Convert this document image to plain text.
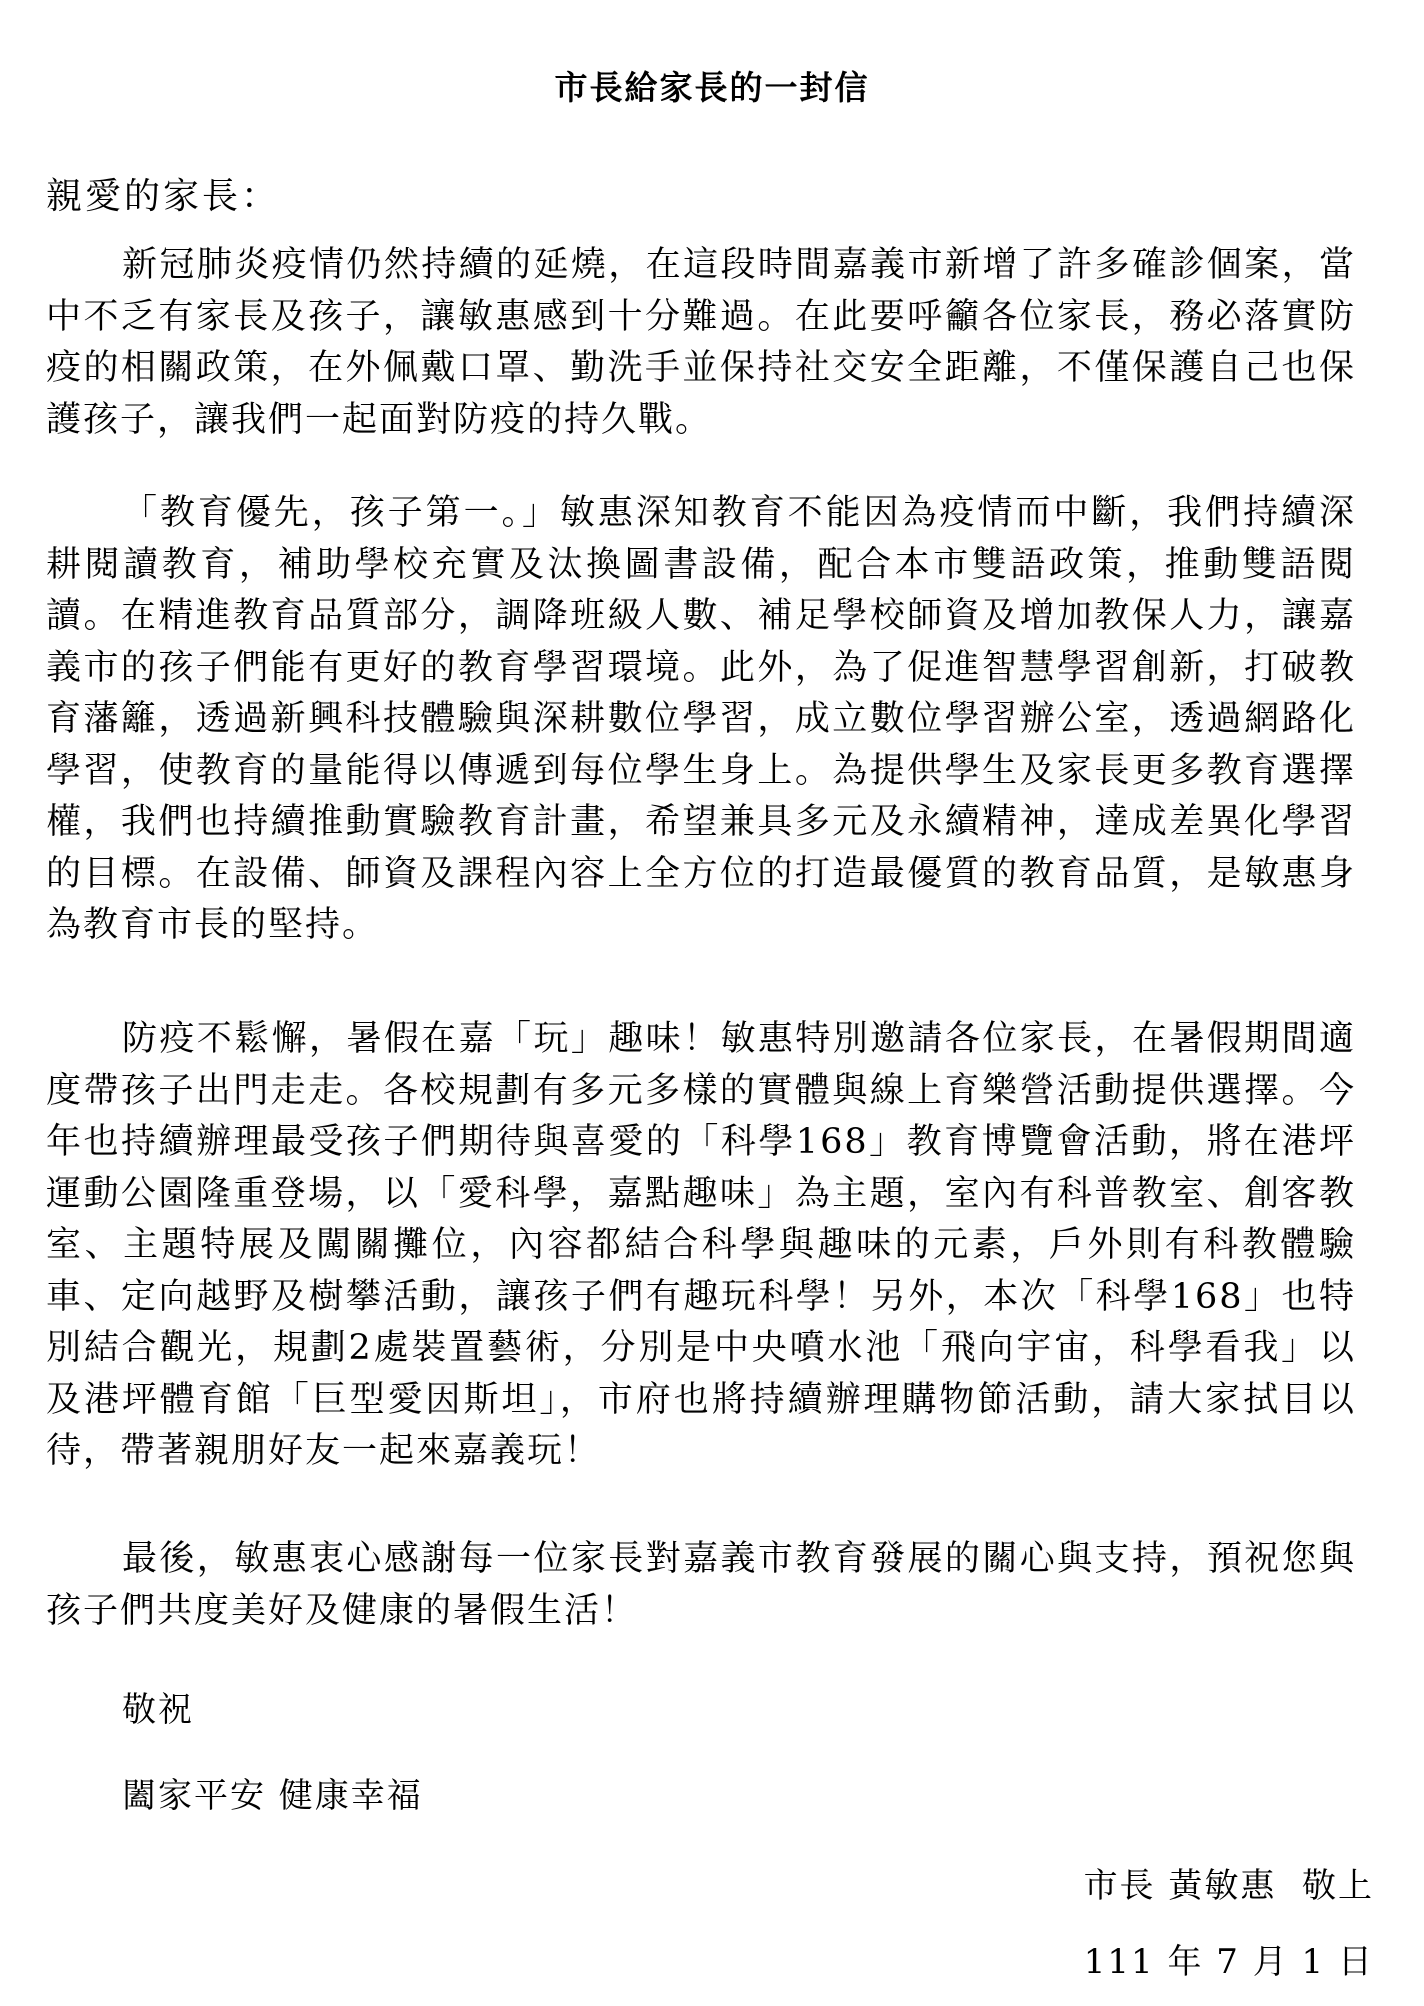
市長給家長的一封信

親愛的家長：

新冠肺炎疫情仍然持續的延燒，在這段時間嘉義市新增了許多確診個案，當中不乏有家長及孩子，讓敏惠感到十分難過。在此要呼籲各位家長，務必落實防疫的相關政策，在外佩戴口罩、勤洗手並保持社交安全距離，不僅保護自己也保護孩子，讓我們一起面對防疫的持久戰。

「教育優先，孩子第一。」敏惠深知教育不能因為疫情而中斷，我們持續深耕閱讀教育，補助學校充實及汰換圖書設備，配合本市雙語政策，推動雙語閱讀。在精進教育品質部分，調降班級人數、補足學校師資及增加教保人力，讓嘉義市的孩子們能有更好的教育學習環境。此外，為了促進智慧學習創新，打破教育藩籬，透過新興科技體驗與深耕數位學習，成立數位學習辦公室，透過網路化學習，使教育的量能得以傳遞到每位學生身上。為提供學生及家長更多教育選擇權，我們也持續推動實驗教育計畫，希望兼具多元及永續精神，達成差異化學習的目標。在設備、師資及課程內容上全方位的打造最優質的教育品質，是敏惠身為教育市長的堅持。

防疫不鬆懈，暑假在嘉「玩」趣味！敏惠特別邀請各位家長，在暑假期間適度帶孩子出門走走。各校規劃有多元多樣的實體與線上育樂營活動提供選擇。今年也持續辦理最受孩子們期待與喜愛的「科學168」教育博覽會活動，將在港坪運動公園隆重登場，以「愛科學，嘉點趣味」為主題，室內有科普教室、創客教室、主題特展及闖關攤位，內容都結合科學與趣味的元素，戶外則有科教體驗車、定向越野及樹攀活動，讓孩子們有趣玩科學！另外，本次「科學168」也特別結合觀光，規劃2處裝置藝術，分別是中央噴水池「飛向宇宙，科學看我」以及港坪體育館「巨型愛因斯坦」，市府也將持續辦理購物節活動，請大家拭目以待，帶著親朋好友一起來嘉義玩！

最後，敏惠衷心感謝每一位家長對嘉義市教育發展的關心與支持，預祝您與孩子們共度美好及健康的暑假生活！

敬祝

闔家平安 健康幸福

市長 黃敏惠  敬上

111 年 7 月 1 日
